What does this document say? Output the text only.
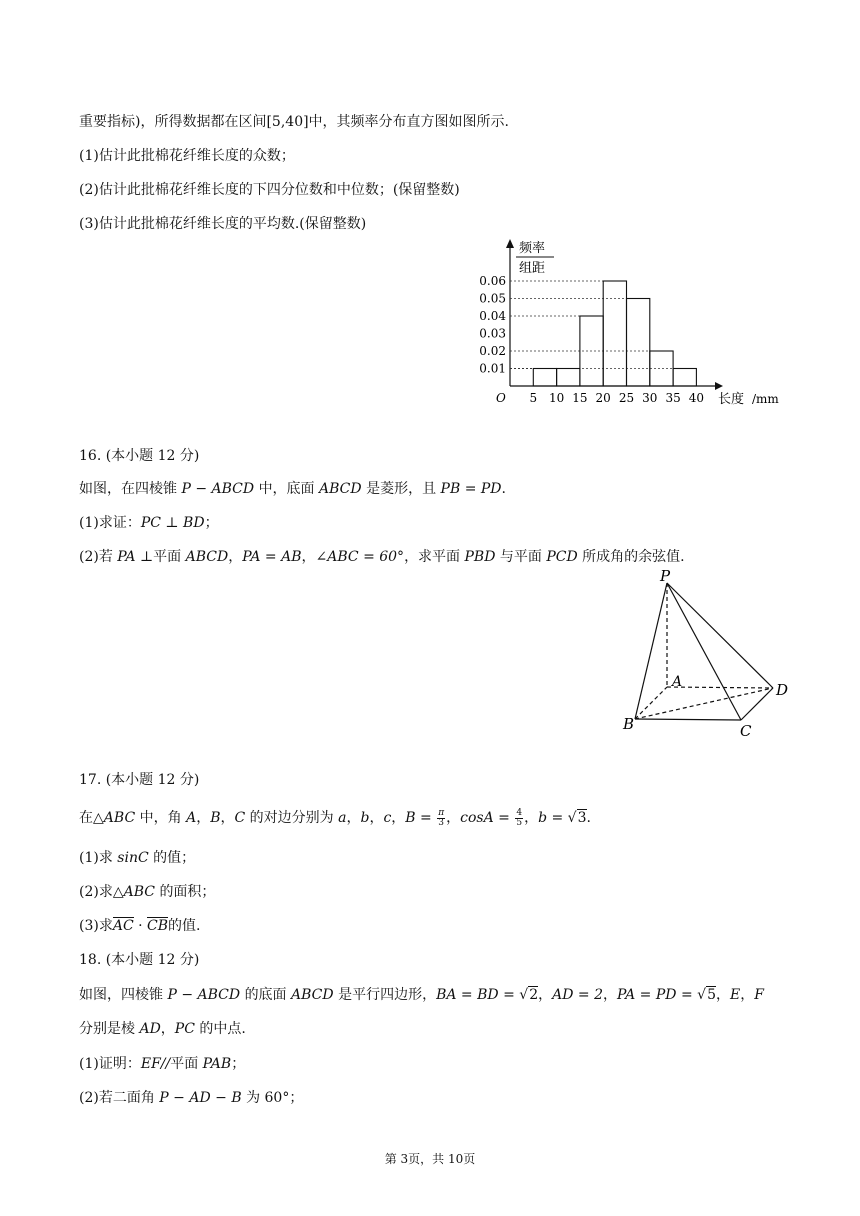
重要指标)，所得数据都在区间[5,40]中，其频率分布直方图如图所示.
(1)估计此批棉花纤维长度的众数；
(2)估计此批棉花纤维长度的下四分位数和中位数；(保留整数)
(3)估计此批棉花纤维长度的平均数.(保留整数)
0.01
0.02
0.03
0.04
0.05
0.06
5 10 15 20 25 30 35 40
O
频率
组距
长度 /mm
16. (本小题 12 分)
如图，在四棱锥 P − ABCD 中，底面 ABCD 是菱形，且 PB = PD.
(1)求证：PC ⊥ BD；
(2)若 PA ⊥平面 ABCD，PA = AB，∠ABC = 60°，求平面 PBD 与平面 PCD 所成角的余弦值.
P
A
B	C
D
17. (本小题 12 分)
在△ABC 中，角 A，B，C 的对边分别为 a，b，c，$B = \frac{\pi}{3}$ ，$\cos A = \frac{4}{5}$ ，b = √3.
(1)求 sinC 的值；
(2)求△ABC 的面积；
(3)求AC · CB的值.
18. (本小题 12 分)
如图，四棱锥 P − ABCD 的底面 ABCD 是平行四边形，BA = BD = √2，AD = 2，PA = PD = √5，E，F
分别是棱 AD，PC 的中点.
(1)证明：EF//平面 PAB；
(2)若二面角 P − AD − B 为 60°；
第 3页，共 10页
